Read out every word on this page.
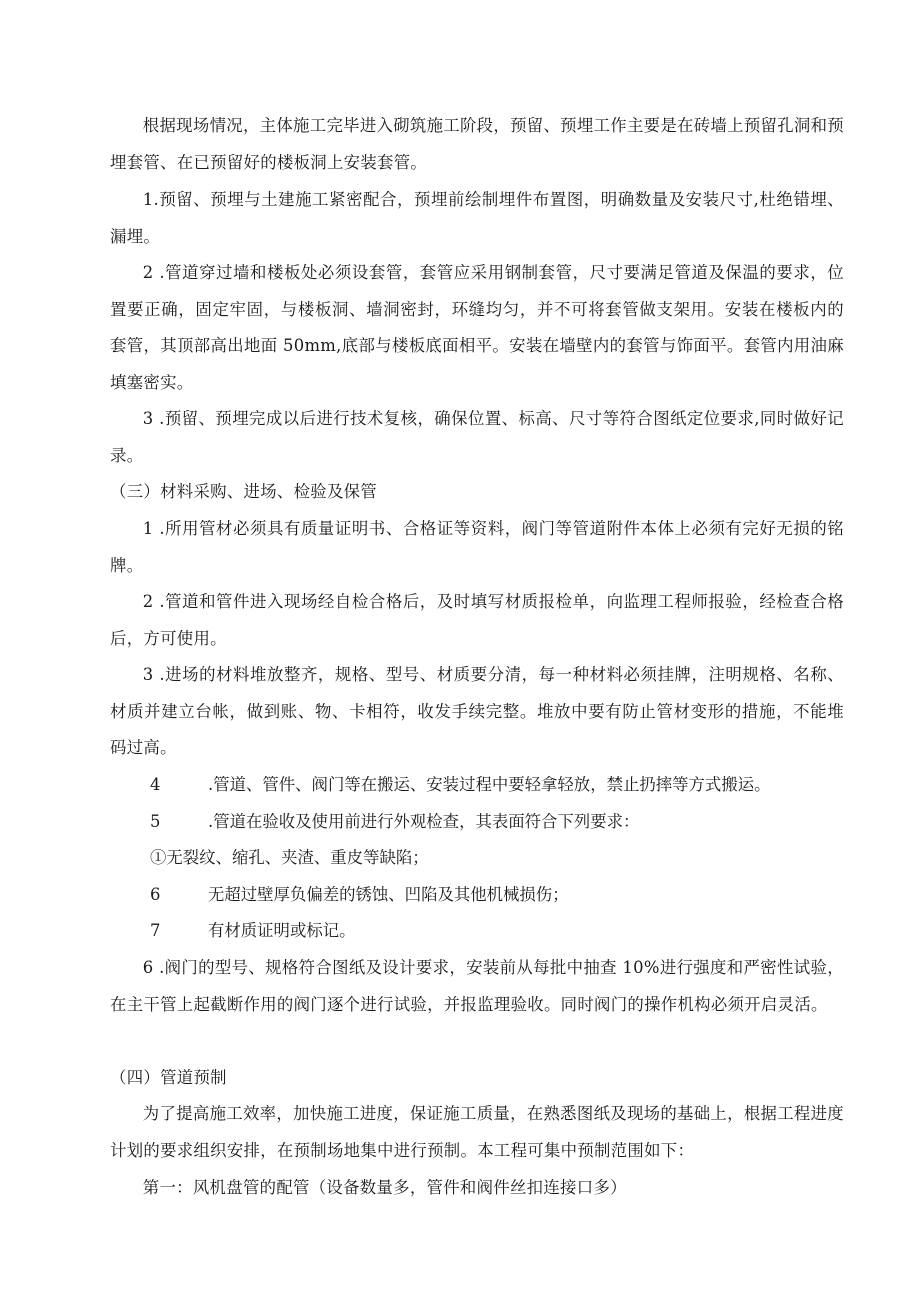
根据现场情况，主体施工完毕进入砌筑施工阶段，预留、预埋工作主要是在砖墙上预留孔洞和预埋套管、在已预留好的楼板洞上安装套管。

1.预留、预埋与土建施工紧密配合，预埋前绘制埋件布置图，明确数量及安装尺寸,杜绝错埋、漏埋。

2 .管道穿过墙和楼板处必须设套管，套管应采用钢制套管，尺寸要满足管道及保温的要求，位置要正确，固定牢固，与楼板洞、墙洞密封，环缝均匀，并不可将套管做支架用。安装在楼板内的套管，其顶部高出地面 50mm,底部与楼板底面相平。安装在墙壁内的套管与饰面平。套管内用油麻填塞密实。

3 .预留、预埋完成以后进行技术复核，确保位置、标高、尺寸等符合图纸定位要求,同时做好记录。

（三）材料采购、进场、检验及保管

1 .所用管材必须具有质量证明书、合格证等资料，阀门等管道附件本体上必须有完好无损的铭牌。

2 .管道和管件进入现场经自检合格后，及时填写材质报检单，向监理工程师报验，经检查合格后，方可使用。

3 .进场的材料堆放整齐，规格、型号、材质要分清，每一种材料必须挂牌，注明规格、名称、材质并建立台帐，做到账、物、卡相符，收发手续完整。堆放中要有防止管材变形的措施，不能堆码过高。

4	.管道、管件、阀门等在搬运、安装过程中要轻拿轻放，禁止扔摔等方式搬运。
5	.管道在验收及使用前进行外观检查，其表面符合下列要求：
①无裂纹、缩孔、夹渣、重皮等缺陷；
6	无超过壁厚负偏差的锈蚀、凹陷及其他机械损伤；
7	有材质证明或标记。

6 .阀门的型号、规格符合图纸及设计要求，安装前从每批中抽查 10%进行强度和严密性试验，在主干管上起截断作用的阀门逐个进行试验，并报监理验收。同时阀门的操作机构必须开启灵活。

（四）管道预制

为了提高施工效率，加快施工进度，保证施工质量，在熟悉图纸及现场的基础上，根据工程进度计划的要求组织安排，在预制场地集中进行预制。本工程可集中预制范围如下：

第一：风机盘管的配管（设备数量多，管件和阀件丝扣连接口多）
